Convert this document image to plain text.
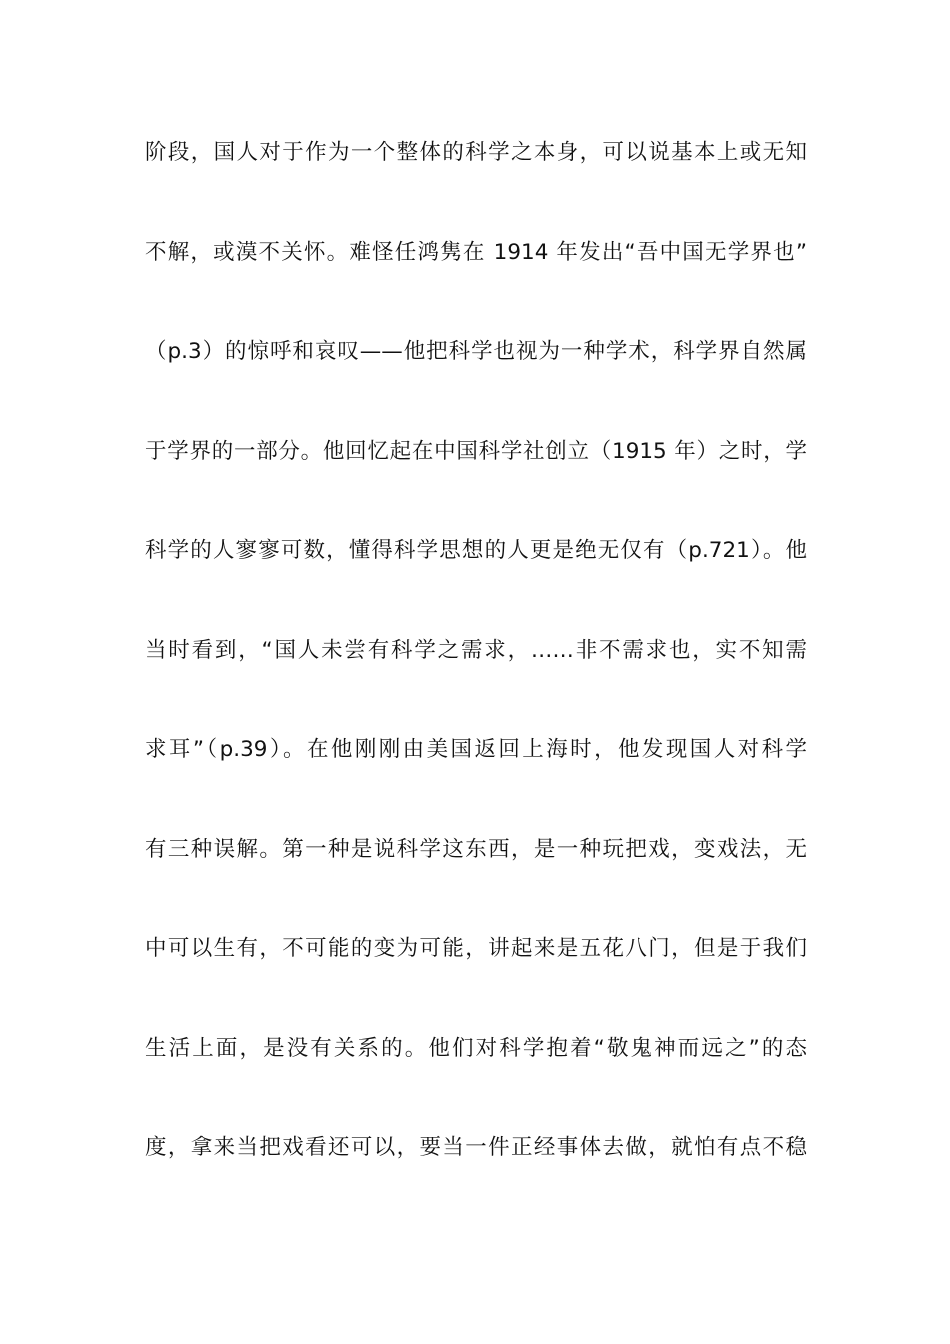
阶段，国人对于作为一个整体的科学之本身，可以说基本上或无知
不解，或漠不关怀。难怪任鸿隽在 1914 年发出“吾中国无学界也”
（p.3）的惊呼和哀叹——他把科学也视为一种学术，科学界自然属
于学界的一部分。他回忆起在中国科学社创立（1915 年）之时，学
科学的人寥寥可数，懂得科学思想的人更是绝无仅有（p.721）。他
当时看到，“国人未尝有科学之需求，……非不需求也，实不知需
求耳”（p.39）。在他刚刚由美国返回上海时，他发现国人对科学
有三种误解。第一种是说科学这东西，是一种玩把戏，变戏法，无
中可以生有，不可能的变为可能，讲起来是五花八门，但是于我们
生活上面，是没有关系的。他们对科学抱着“敬鬼神而远之”的态
度，拿来当把戏看还可以，要当一件正经事体去做，就怕有点不稳
